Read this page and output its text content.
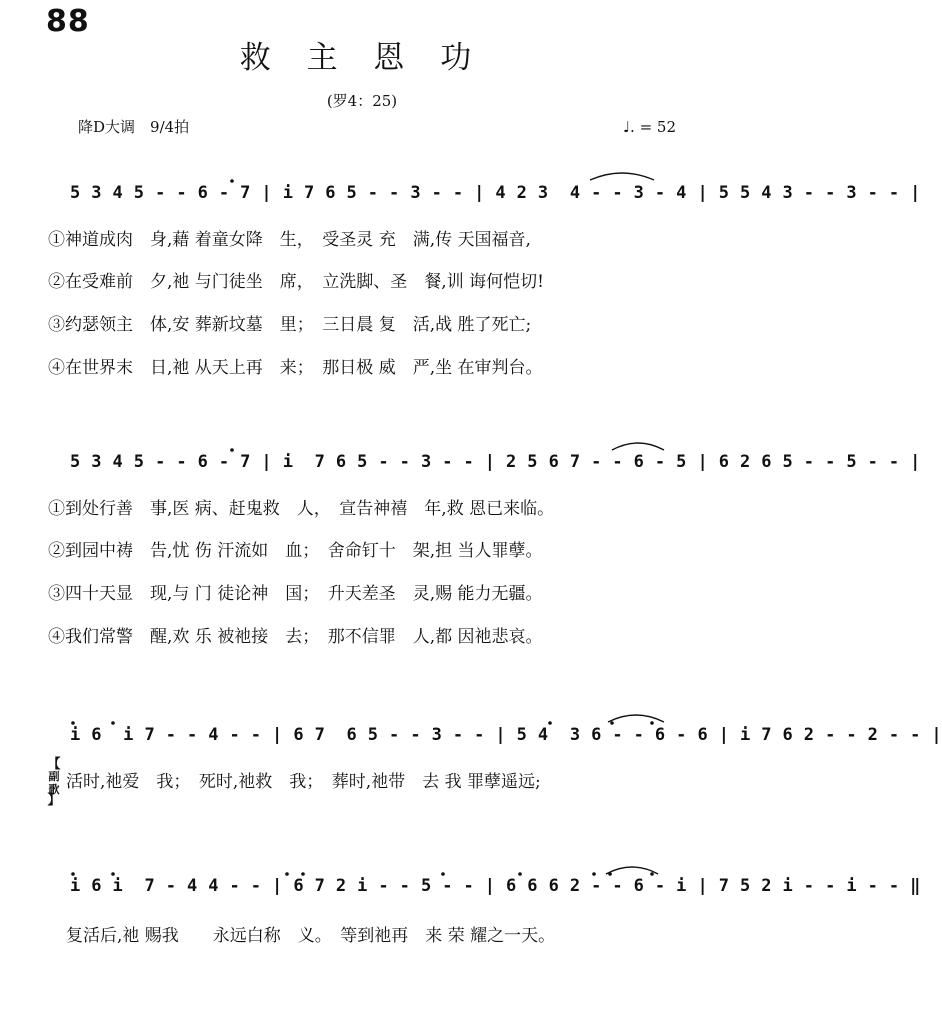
88
救 主 恩 功
(罗4：25)
降D大调　9/4拍	♩. = 52
5 3 4 5 - - 6 - 7 | i 7 6 5 - - 3 - - | 4 2 3  4 - - 3 - 4 | 5 5 4 3 - - 3 - - |
①神道成肉　身,藉 着童女降　生，　受圣灵 充　满,传 天国福音,
②在受难前　夕,祂 与门徒坐　席，　立洗脚、圣　餐,训 诲何恺切!
③约瑟领主　体,安 葬新坟墓　里；　三日晨 复　活,战 胜了死亡;
④在世界末　日,祂 从天上再　来；　那日极 威　严,坐 在审判台。
5 3 4 5 - - 6 - 7 | i  7 6 5 - - 3 - - | 2 5 6 7 - - 6 - 5 | 6 2 6 5 - - 5 - - |
①到处行善　事,医 病、赶鬼救　人，　宣告神禧　年,救 恩已来临。
②到园中祷　告,忧 伤 汗流如　血；　舍命钉十　架,担 当人罪孽。
③四十天显　现,与 门 徒论神　国；　升天差圣　灵,赐 能力无疆。
④我们常警　醒,欢 乐 被祂接　去；　那不信罪　人,都 因祂悲哀。
i 6  i 7 - - 4 - - | 6 7  6 5 - - 3 - - | 5 4  3 6 - - 6 - 6 | i 7 6 2 - - 2 - - |
【
副
歌
】
活时,祂爱　我；　死时,祂救　我；　葬时,祂带　去 我 罪孽遥远;
i 6 i  7 - 4 4 - - | 6 7 2 i - - 5 - - | 6 6 6 2 - - 6 - i | 7 5 2 i - - i - - ‖
复活后,祂 赐我　　永远白称　义。　等到祂再　来 荣 耀之一天。
